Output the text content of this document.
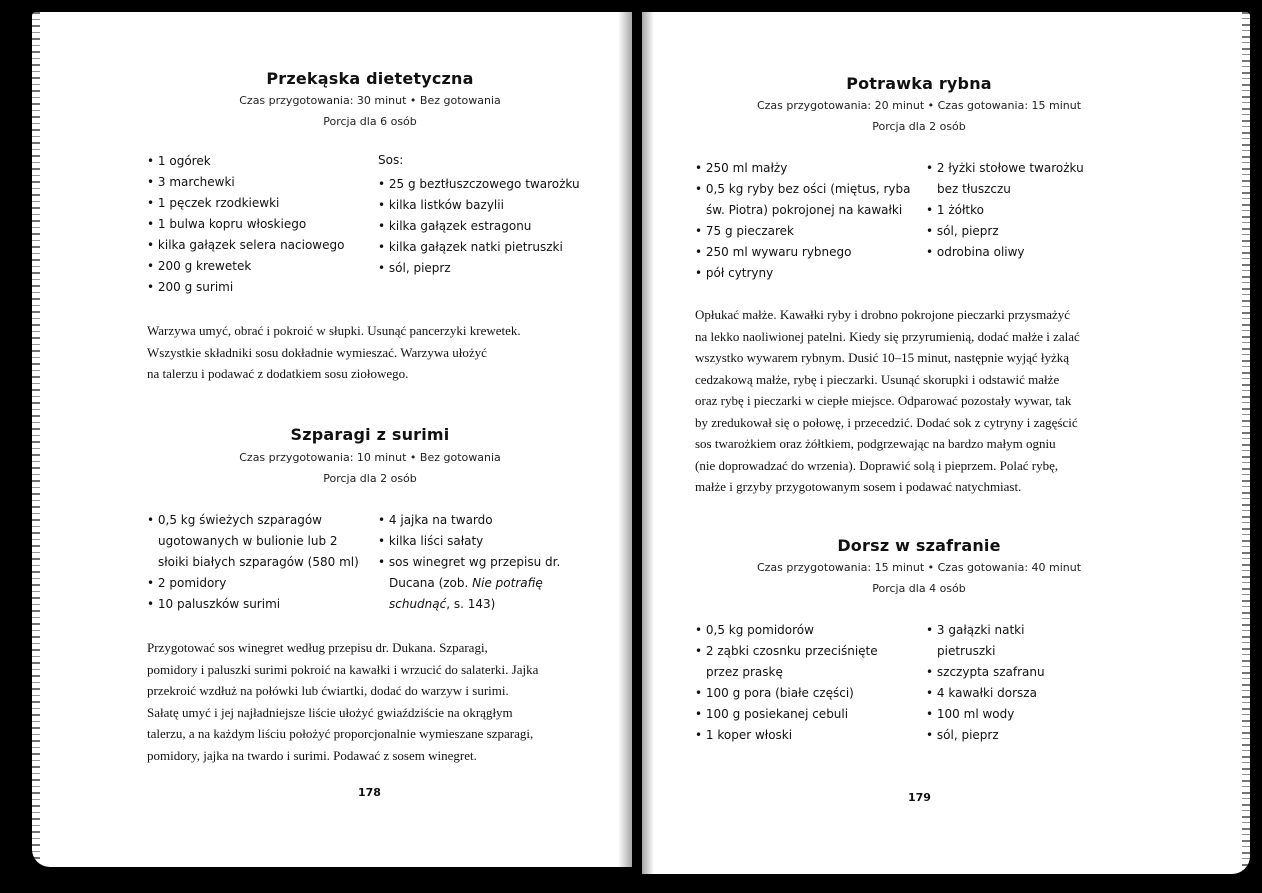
Przekąska dietetyczna

Czas przygotowania: 30 minut • Bez gotowania

Porcja dla 6 osób

• 1 ogórek
• 3 marchewki
• 1 pęczek rzodkiewki
• 1 bulwa kopru włoskiego
• kilka gałązek selera naciowego
• 200 g krewetek
• 200 g surimi

Sos:

• 25 g beztłuszczowego twarożku
• kilka listków bazylii
• kilka gałązek estragonu
• kilka gałązek natki pietruszki
• sól, pieprz
Warzywa umyć, obrać i pokroić w słupki. Usunąć pancerzyki krewetek.
Wszystkie składniki sosu dokładnie wymieszać. Warzywa ułożyć
na talerzu i podawać z dodatkiem sosu ziołowego.
Szparagi z surimi

Czas przygotowania: 10 minut • Bez gotowania

Porcja dla 2 osób

• 0,5 kg świeżych szparagów ugotowanych w bulionie lub 2 słoiki białych szparagów (580 ml)
• 2 pomidory
• 10 paluszków surimi
• 4 jajka na twardo
• kilka liści sałaty
• sos winegret wg przepisu dr. Ducana (zob. Nie potrafię schudnąć, s. 143)
Przygotować sos winegret według przepisu dr. Dukana. Szparagi,
pomidory i paluszki surimi pokroić na kawałki i wrzucić do salaterki. Jajka
przekroić wzdłuż na połówki lub ćwiartki, dodać do warzyw i surimi.
Sałatę umyć i jej najładniejsze liście ułożyć gwiaździście na okrągłym
talerzu, a na każdym liściu położyć proporcjonalnie wymieszane szparagi,
pomidory, jajka na twardo i surimi. Podawać z sosem winegret.

178

Potrawka rybna

Czas przygotowania: 20 minut • Czas gotowania: 15 minut

Porcja dla 2 osób

• 250 ml małży
• 0,5 kg ryby bez ości (miętus, ryba św. Piotra) pokrojonej na kawałki
• 75 g pieczarek
• 250 ml wywaru rybnego
• pół cytryny
• 2 łyżki stołowe twarożku bez tłuszczu
• 1 żółtko
• sól, pieprz
• odrobina oliwy
Opłukać małże. Kawałki ryby i drobno pokrojone pieczarki przysmażyć
na lekko naoliwionej patelni. Kiedy się przyrumienią, dodać małże i zalać
wszystko wywarem rybnym. Dusić 10–15 minut, następnie wyjąć łyżką
cedzakową małże, rybę i pieczarki. Usunąć skorupki i odstawić małże
oraz rybę i pieczarki w ciepłe miejsce. Odparować pozostały wywar, tak
by zredukował się o połowę, i przecedzić. Dodać sok z cytryny i zagęścić
sos twarożkiem oraz żółtkiem, podgrzewając na bardzo małym ogniu
(nie doprowadzać do wrzenia). Doprawić solą i pieprzem. Polać rybę,
małże i grzyby przygotowanym sosem i podawać natychmiast.
Dorsz w szafranie

Czas przygotowania: 15 minut • Czas gotowania: 40 minut

Porcja dla 4 osób

• 0,5 kg pomidorów
• 2 ząbki czosnku przeciśnięte przez praskę
• 100 g pora (białe części)
• 100 g posiekanej cebuli
• 1 koper włoski
• 3 gałązki natki pietruszki
• szczypta szafranu
• 4 kawałki dorsza
• 100 ml wody
• sól, pieprz

179
